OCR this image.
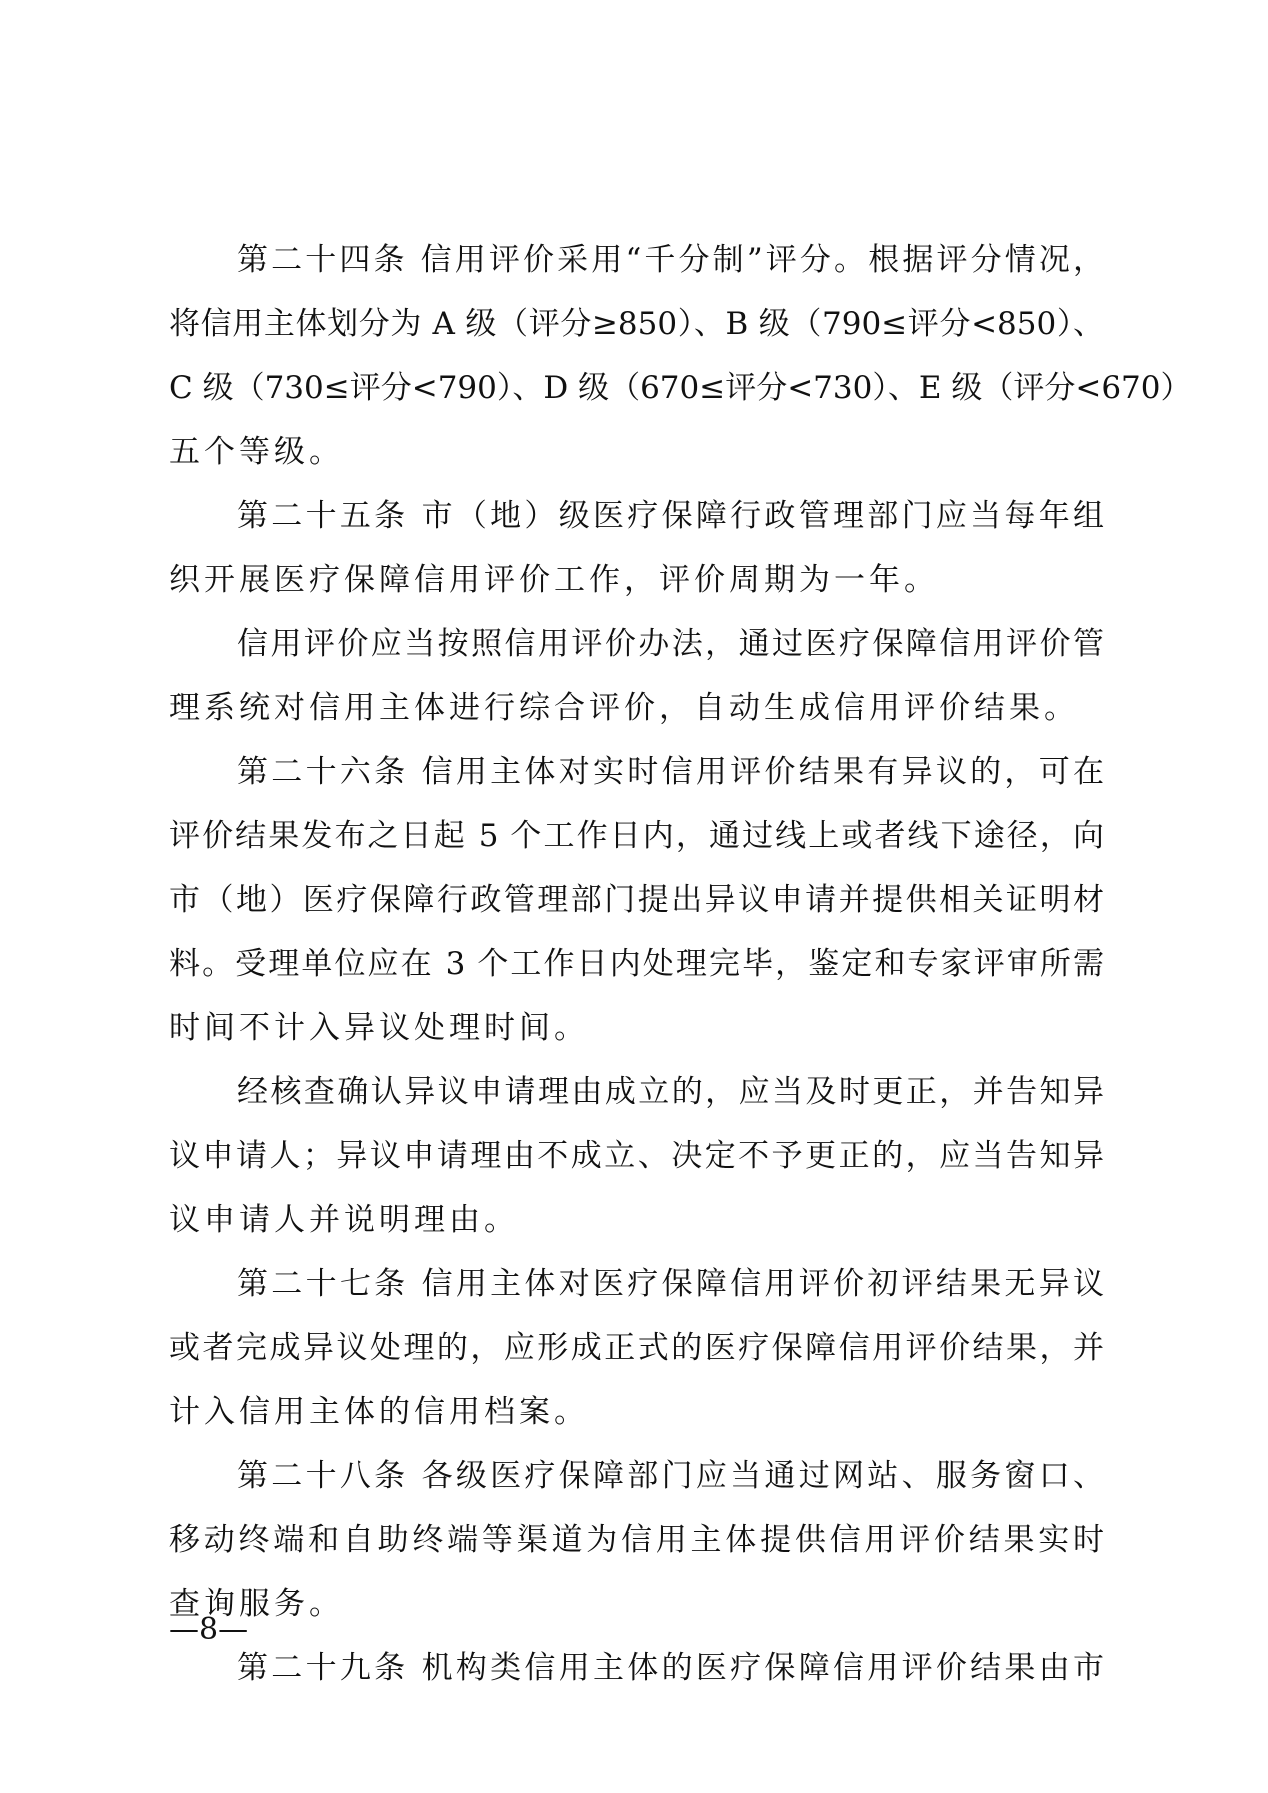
第二十四条 信用评价采用“千分制”评分。根据评分情况，
将信用主体划分为 A 级（评分≥850）、B 级（790≤评分<850）、
C 级（730≤评分<790）、D 级（670≤评分<730）、E 级（评分<670）
五个等级。
第二十五条 市（地）级医疗保障行政管理部门应当每年组
织开展医疗保障信用评价工作，评价周期为一年。
信用评价应当按照信用评价办法，通过医疗保障信用评价管
理系统对信用主体进行综合评价，自动生成信用评价结果。
第二十六条 信用主体对实时信用评价结果有异议的，可在
评价结果发布之日起 5 个工作日内，通过线上或者线下途径，向
市（地）医疗保障行政管理部门提出异议申请并提供相关证明材
料。受理单位应在 3 个工作日内处理完毕，鉴定和专家评审所需
时间不计入异议处理时间。
经核查确认异议申请理由成立的，应当及时更正，并告知异
议申请人；异议申请理由不成立、决定不予更正的，应当告知异
议申请人并说明理由。
第二十七条 信用主体对医疗保障信用评价初评结果无异议
或者完成异议处理的，应形成正式的医疗保障信用评价结果，并
计入信用主体的信用档案。
第二十八条 各级医疗保障部门应当通过网站、服务窗口、
移动终端和自助终端等渠道为信用主体提供信用评价结果实时
查询服务。
第二十九条 机构类信用主体的医疗保障信用评价结果由市
—8—
